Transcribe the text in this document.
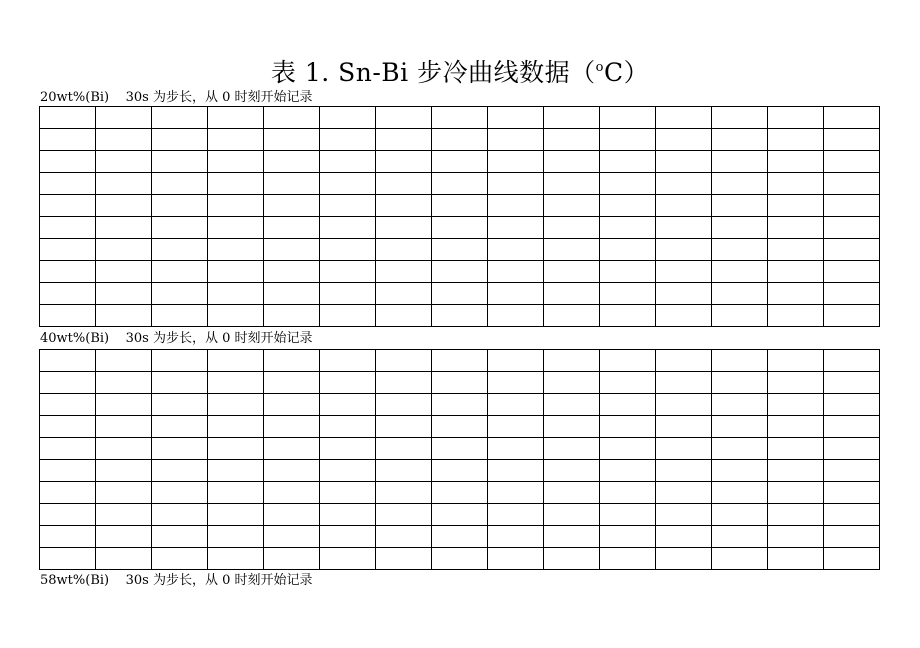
表 1. Sn-Bi 步冷曲线数据（$^o$C）
20wt%(Bi) 30s 为步长，从 0 时刻开始记录

40wt%(Bi) 30s 为步长，从 0 时刻开始记录

58wt%(Bi) 30s 为步长，从 0 时刻开始记录
